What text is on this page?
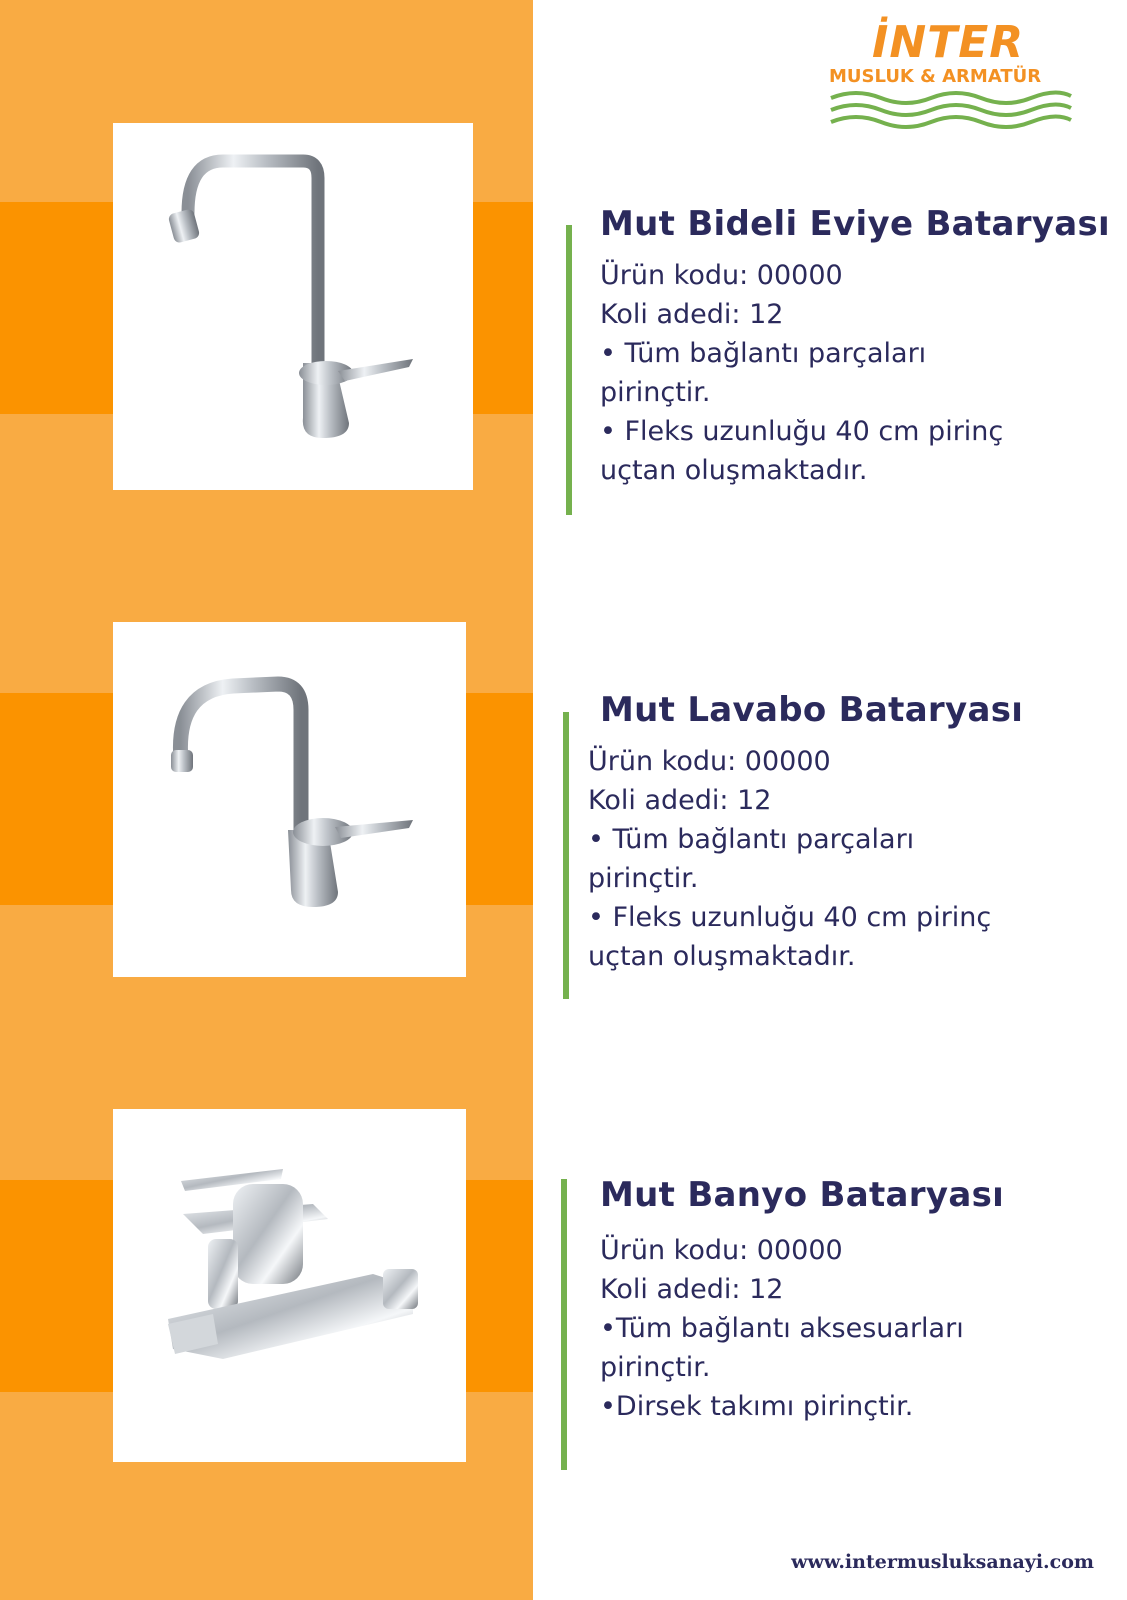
İNTER
MUSLUK & ARMATÜR
Mut Bideli Eviye Bataryası

Ürün kodu: 00000

Koli adedi: 12

• Tüm bağlantı parçaları

pirinçtir.

• Fleks uzunluğu 40 cm pirinç

uçtan oluşmaktadır.

Mut Lavabo Bataryası

Ürün kodu: 00000

Koli adedi: 12

• Tüm bağlantı parçaları

pirinçtir.

• Fleks uzunluğu 40 cm pirinç

uçtan oluşmaktadır.

Mut Banyo Bataryası

Ürün kodu: 00000

Koli adedi: 12

•Tüm bağlantı aksesuarları

pirinçtir.

•Dirsek takımı pirinçtir.

www.intermusluksanayi.com
